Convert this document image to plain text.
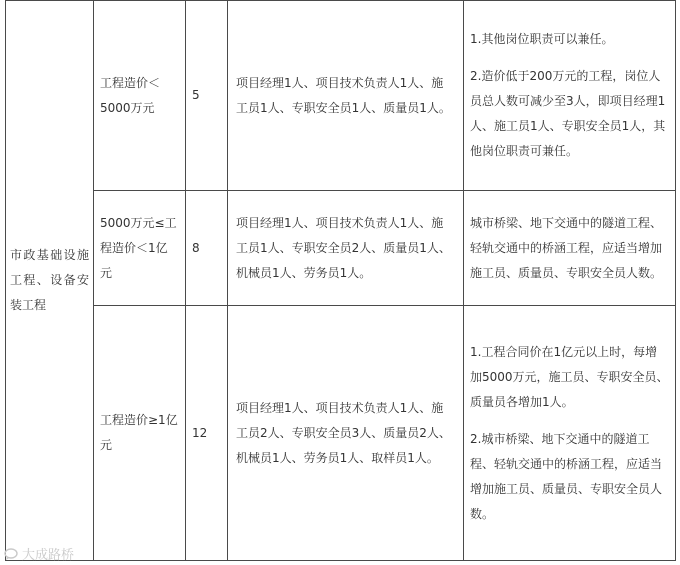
市政基础设施工程、设备安装工程	工程造价＜5000万元	5	项目经理1人、项目技术负责人1人、施工员1人、专职安全员1人、质量员1人。	1.其他岗位职责可以兼任。

2.造价低于200万元的工程，岗位人员总人数可减少至3人，即项目经理1人、施工员1人、专职安全员1人，其他岗位职责可兼任。

	5000万元≤工程造价＜1亿元	8	项目经理1人、项目技术负责人1人、施工员1人、专职安全员2人、质量员1人、机械员1人、劳务员1人。	城市桥梁、地下交通中的隧道工程、轻轨交通中的桥涵工程，应适当增加施工员、质量员、专职安全员人数。

	工程造价≥1亿元	12	项目经理1人、项目技术负责人1人、施工员2人、专职安全员3人、质量员2人、机械员1人、劳务员1人、取样员1人。	1.工程合同价在1亿元以上时，每增加5000万元，施工员、专职安全员、质量员各增加1人。

2.城市桥梁、地下交通中的隧道工程、轻轨交通中的桥涵工程，应适当增加施工员、质量员、专职安全员人数。

大成路桥
